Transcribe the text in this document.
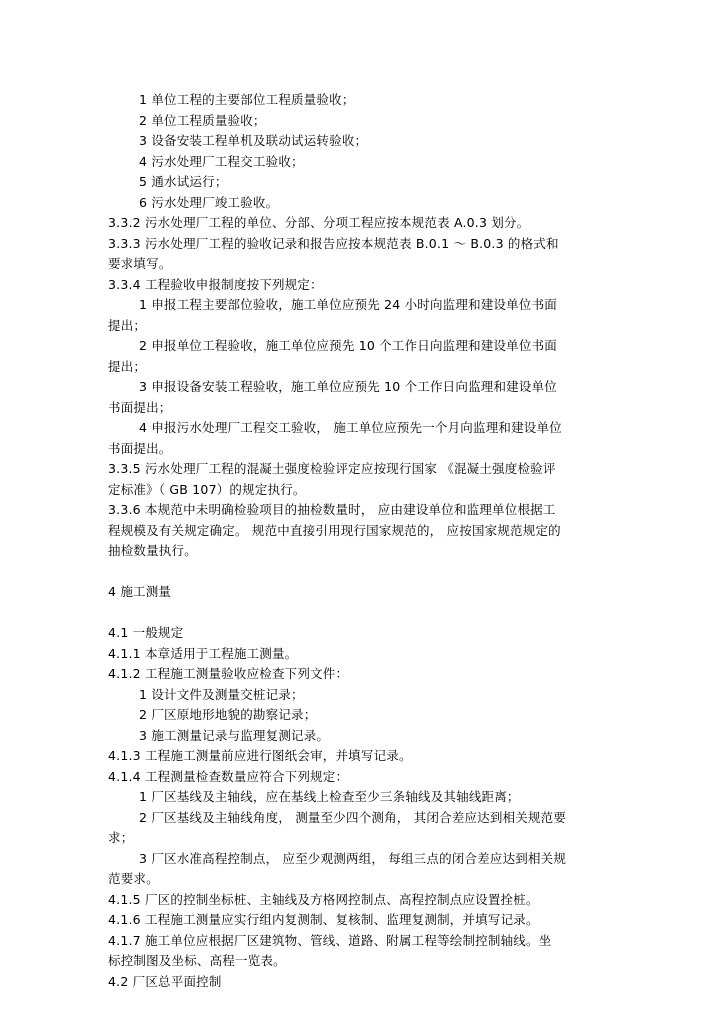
1 单位工程的主要部位工程质量验收；
2 单位工程质量验收；
3 设备安装工程单机及联动试运转验收；
4 污水处理厂工程交工验收；
5 通水试运行；
6 污水处理厂竣工验收。
3.3.2 污水处理厂工程的单位、分部、分项工程应按本规范表 A.0.3 划分。
3.3.3 污水处理厂工程的验收记录和报告应按本规范表 B.0.1 ～ B.0.3 的格式和
要求填写。
3.3.4 工程验收申报制度按下列规定：
1 申报工程主要部位验收，施工单位应预先 24 小时向监理和建设单位书面
提出；
2 申报单位工程验收，施工单位应预先 10 个工作日向监理和建设单位书面
提出；
3 申报设备安装工程验收，施工单位应预先 10 个工作日向监理和建设单位
书面提出；
4 申报污水处理厂工程交工验收， 施工单位应预先一个月向监理和建设单位
书面提出。
3.3.5 污水处理厂工程的混凝土强度检验评定应按现行国家 《混凝土强度检验评
定标准》（ GB 107）的规定执行。
3.3.6 本规范中未明确检验项目的抽检数量时， 应由建设单位和监理单位根据工
程规模及有关规定确定。 规范中直接引用现行国家规范的， 应按国家规范规定的
抽检数量执行。
4 施工测量
4.1 一般规定
4.1.1 本章适用于工程施工测量。
4.1.2 工程施工测量验收应检查下列文件：
1 设计文件及测量交桩记录；
2 厂区原地形地貌的勘察记录；
3 施工测量记录与监理复测记录。
4.1.3 工程施工测量前应进行图纸会审，并填写记录。
4.1.4 工程测量检查数量应符合下列规定：
1 厂区基线及主轴线，应在基线上检查至少三条轴线及其轴线距离；
2 厂区基线及主轴线角度， 测量至少四个测角， 其闭合差应达到相关规范要
求；
3 厂区水准高程控制点， 应至少观测两组， 每组三点的闭合差应达到相关规
范要求。
4.1.5 厂区的控制坐标桩、主轴线及方格网控制点、高程控制点应设置拴桩。
4.1.6 工程施工测量应实行组内复测制、复核制、监理复测制，并填写记录。
4.1.7 施工单位应根据厂区建筑物、管线、道路、附属工程等绘制控制轴线。坐
标控制图及坐标、高程一览表。
4.2 厂区总平面控制
